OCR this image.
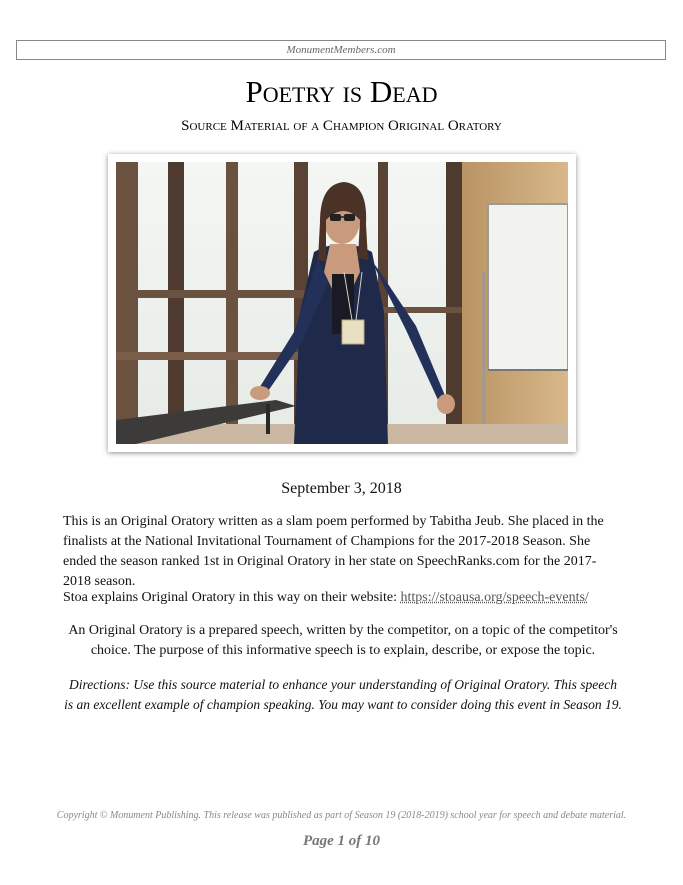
MonumentMembers.com
Poetry is Dead
Source Material of a Champion Original Oratory
September 3, 2018
This is an Original Oratory written as a slam poem performed by Tabitha Jeub. She placed in the finalists at the National Invitational Tournament of Champions for the 2017-2018 Season. She ended the season ranked 1st in Original Oratory in her state on SpeechRanks.com for the 2017-2018 season.
Stoa explains Original Oratory in this way on their website: https://stoausa.org/speech-events/
An Original Oratory is a prepared speech, written by the competitor, on a topic of the competitor's choice. The purpose of this informative speech is to explain, describe, or expose the topic.
Directions: Use this source material to enhance your understanding of Original Oratory. This speech is an excellent example of champion speaking. You may want to consider doing this event in Season 19.
Copyright © Monument Publishing. This release was published as part of Season 19 (2018-2019) school year for speech and debate material.
Page 1 of 10
